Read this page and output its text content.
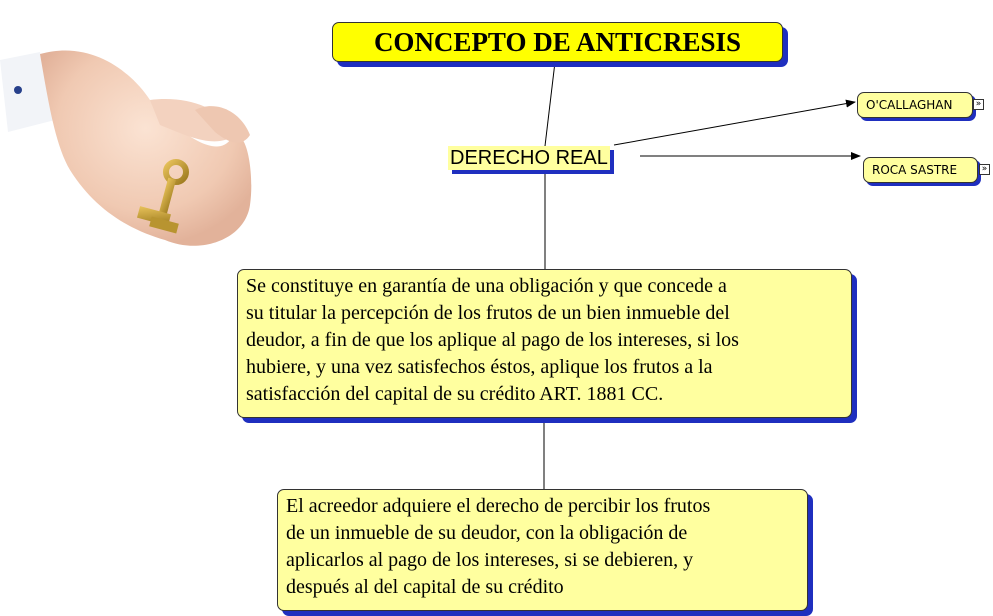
CONCEPTO DE ANTICRESIS
DERECHO REAL
O'CALLAGHAN	»
ROCA SASTRE	»
Se constituye en garantía de una obligación y que concede a
su titular la percepción de los frutos de un bien inmueble del
deudor, a fin de que los aplique al pago de los intereses, si los
hubiere, y una vez satisfechos éstos, aplique los frutos a la
satisfacción del capital de su crédito ART. 1881 CC.
El acreedor adquiere el derecho de percibir los frutos
de un inmueble de su deudor, con la obligación de
aplicarlos al pago de los intereses, si se debieren, y
después al del capital de su crédito
